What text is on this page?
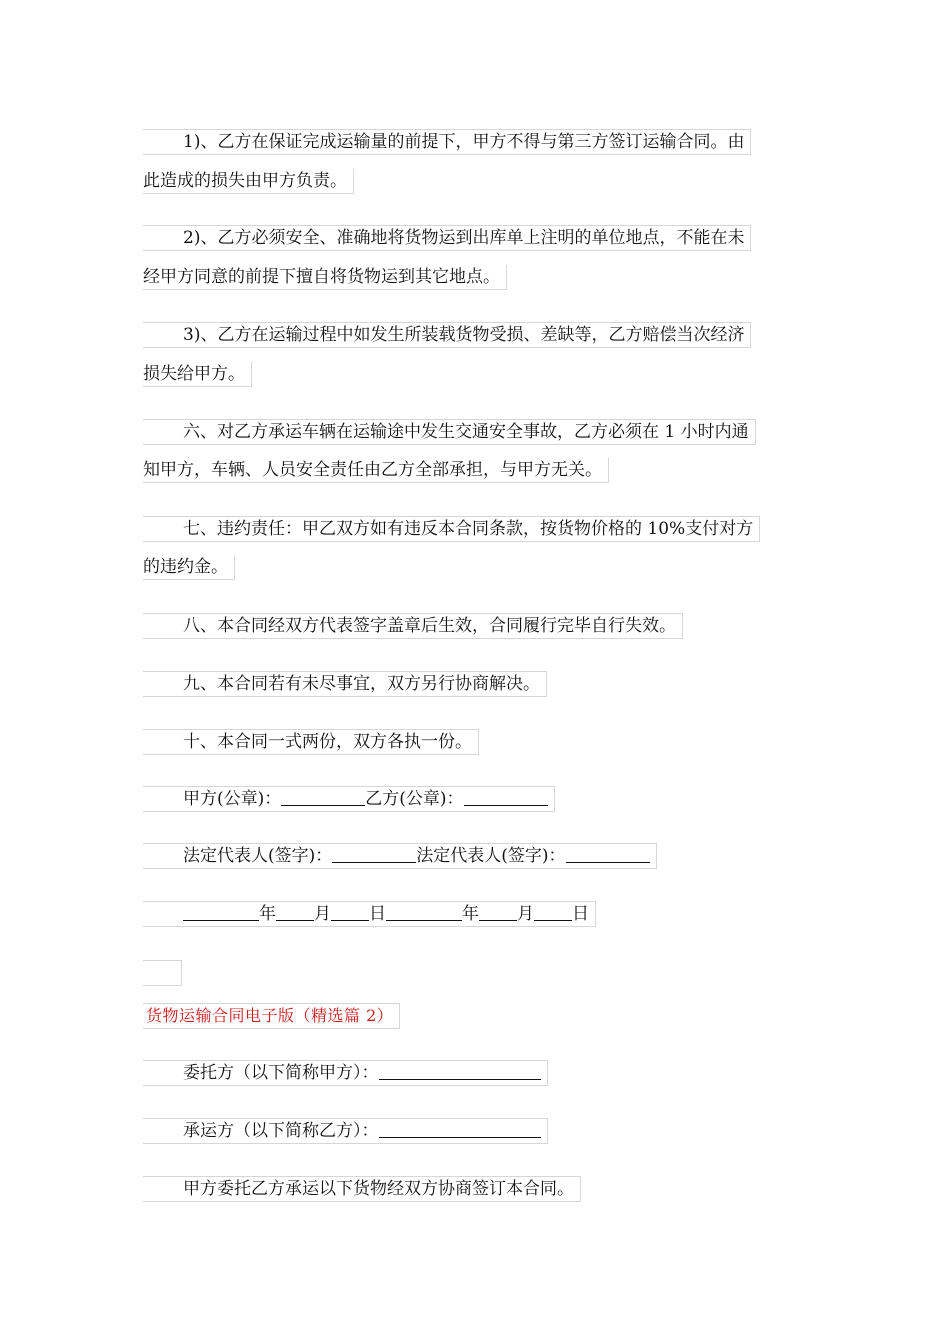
1)、乙方在保证完成运输量的前提下，甲方不得与第三方签订运输合同。由
此造成的损失由甲方负责。
2)、乙方必须安全、准确地将货物运到出库单上注明的单位地点，不能在未
经甲方同意的前提下擅自将货物运到其它地点。
3)、乙方在运输过程中如发生所装载货物受损、差缺等，乙方赔偿当次经济
损失给甲方。
六、对乙方承运车辆在运输途中发生交通安全事故，乙方必须在 1 小时内通
知甲方，车辆、人员安全责任由乙方全部承担，与甲方无关。
七、违约责任：甲乙双方如有违反本合同条款，按货物价格的 10%支付对方
的违约金。
八、本合同经双方代表签字盖章后生效，合同履行完毕自行失效。
九、本合同若有未尽事宜，双方另行协商解决。
十、本合同一式两份，双方各执一份。
甲方(公章)：	乙方(公章)：
法定代表人(签字)：	法定代表人(签字)：
年 月 日	年 月 日
货物运输合同电子版（精选篇 2）
委托方（以下简称甲方）：
承运方（以下简称乙方）：
甲方委托乙方承运以下货物经双方协商签订本合同。
